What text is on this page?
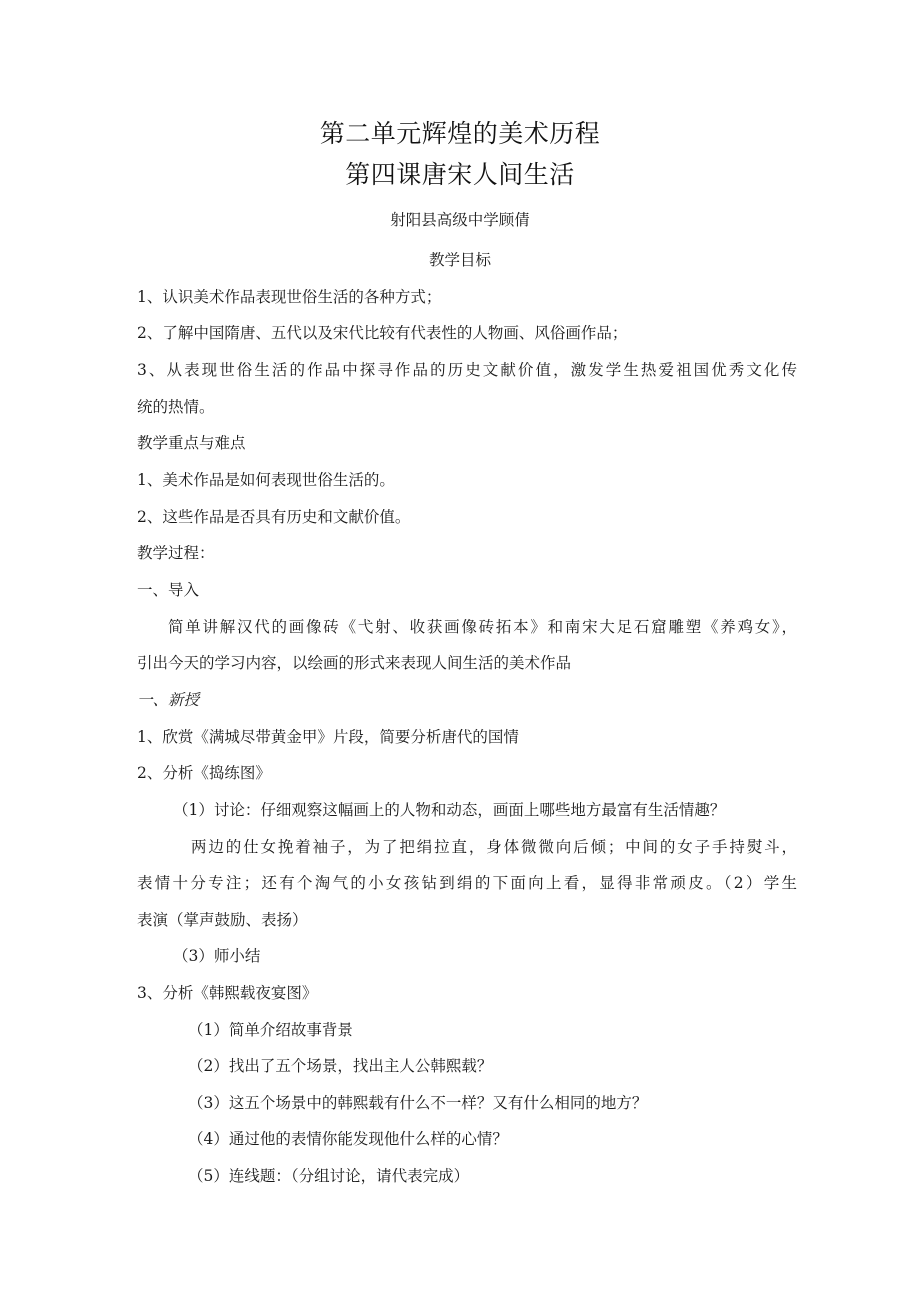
第二单元辉煌的美术历程
第四课唐宋人间生活
射阳县高级中学顾倩
教学目标
1、认识美术作品表现世俗生活的各种方式；
2、了解中国隋唐、五代以及宋代比较有代表性的人物画、风俗画作品；
3、从表现世俗生活的作品中探寻作品的历史文献价值，激发学生热爱祖国优秀文化传
统的热情。
教学重点与难点
1、美术作品是如何表现世俗生活的。
2、这些作品是否具有历史和文献价值。
教学过程：
一、导入
简单讲解汉代的画像砖《弋射、收获画像砖拓本》和南宋大足石窟雕塑《养鸡女》，
引出今天的学习内容，以绘画的形式来表现人间生活的美术作品
一、新授
1、欣赏《满城尽带黄金甲》片段，简要分析唐代的国情
2、分析《捣练图》
（1）讨论：仔细观察这幅画上的人物和动态，画面上哪些地方最富有生活情趣？
两边的仕女挽着袖子，为了把绢拉直，身体微微向后倾；中间的女子手持熨斗，
表情十分专注；还有个淘气的小女孩钻到绢的下面向上看，显得非常顽皮。（2）学生
表演（掌声鼓励、表扬）
（3）师小结
3、分析《韩熙载夜宴图》
（1）简单介绍故事背景
（2）找出了五个场景，找出主人公韩熙载？
（3）这五个场景中的韩熙载有什么不一样？又有什么相同的地方？
（4）通过他的表情你能发现他什么样的心情？
（5）连线题：（分组讨论，请代表完成）
